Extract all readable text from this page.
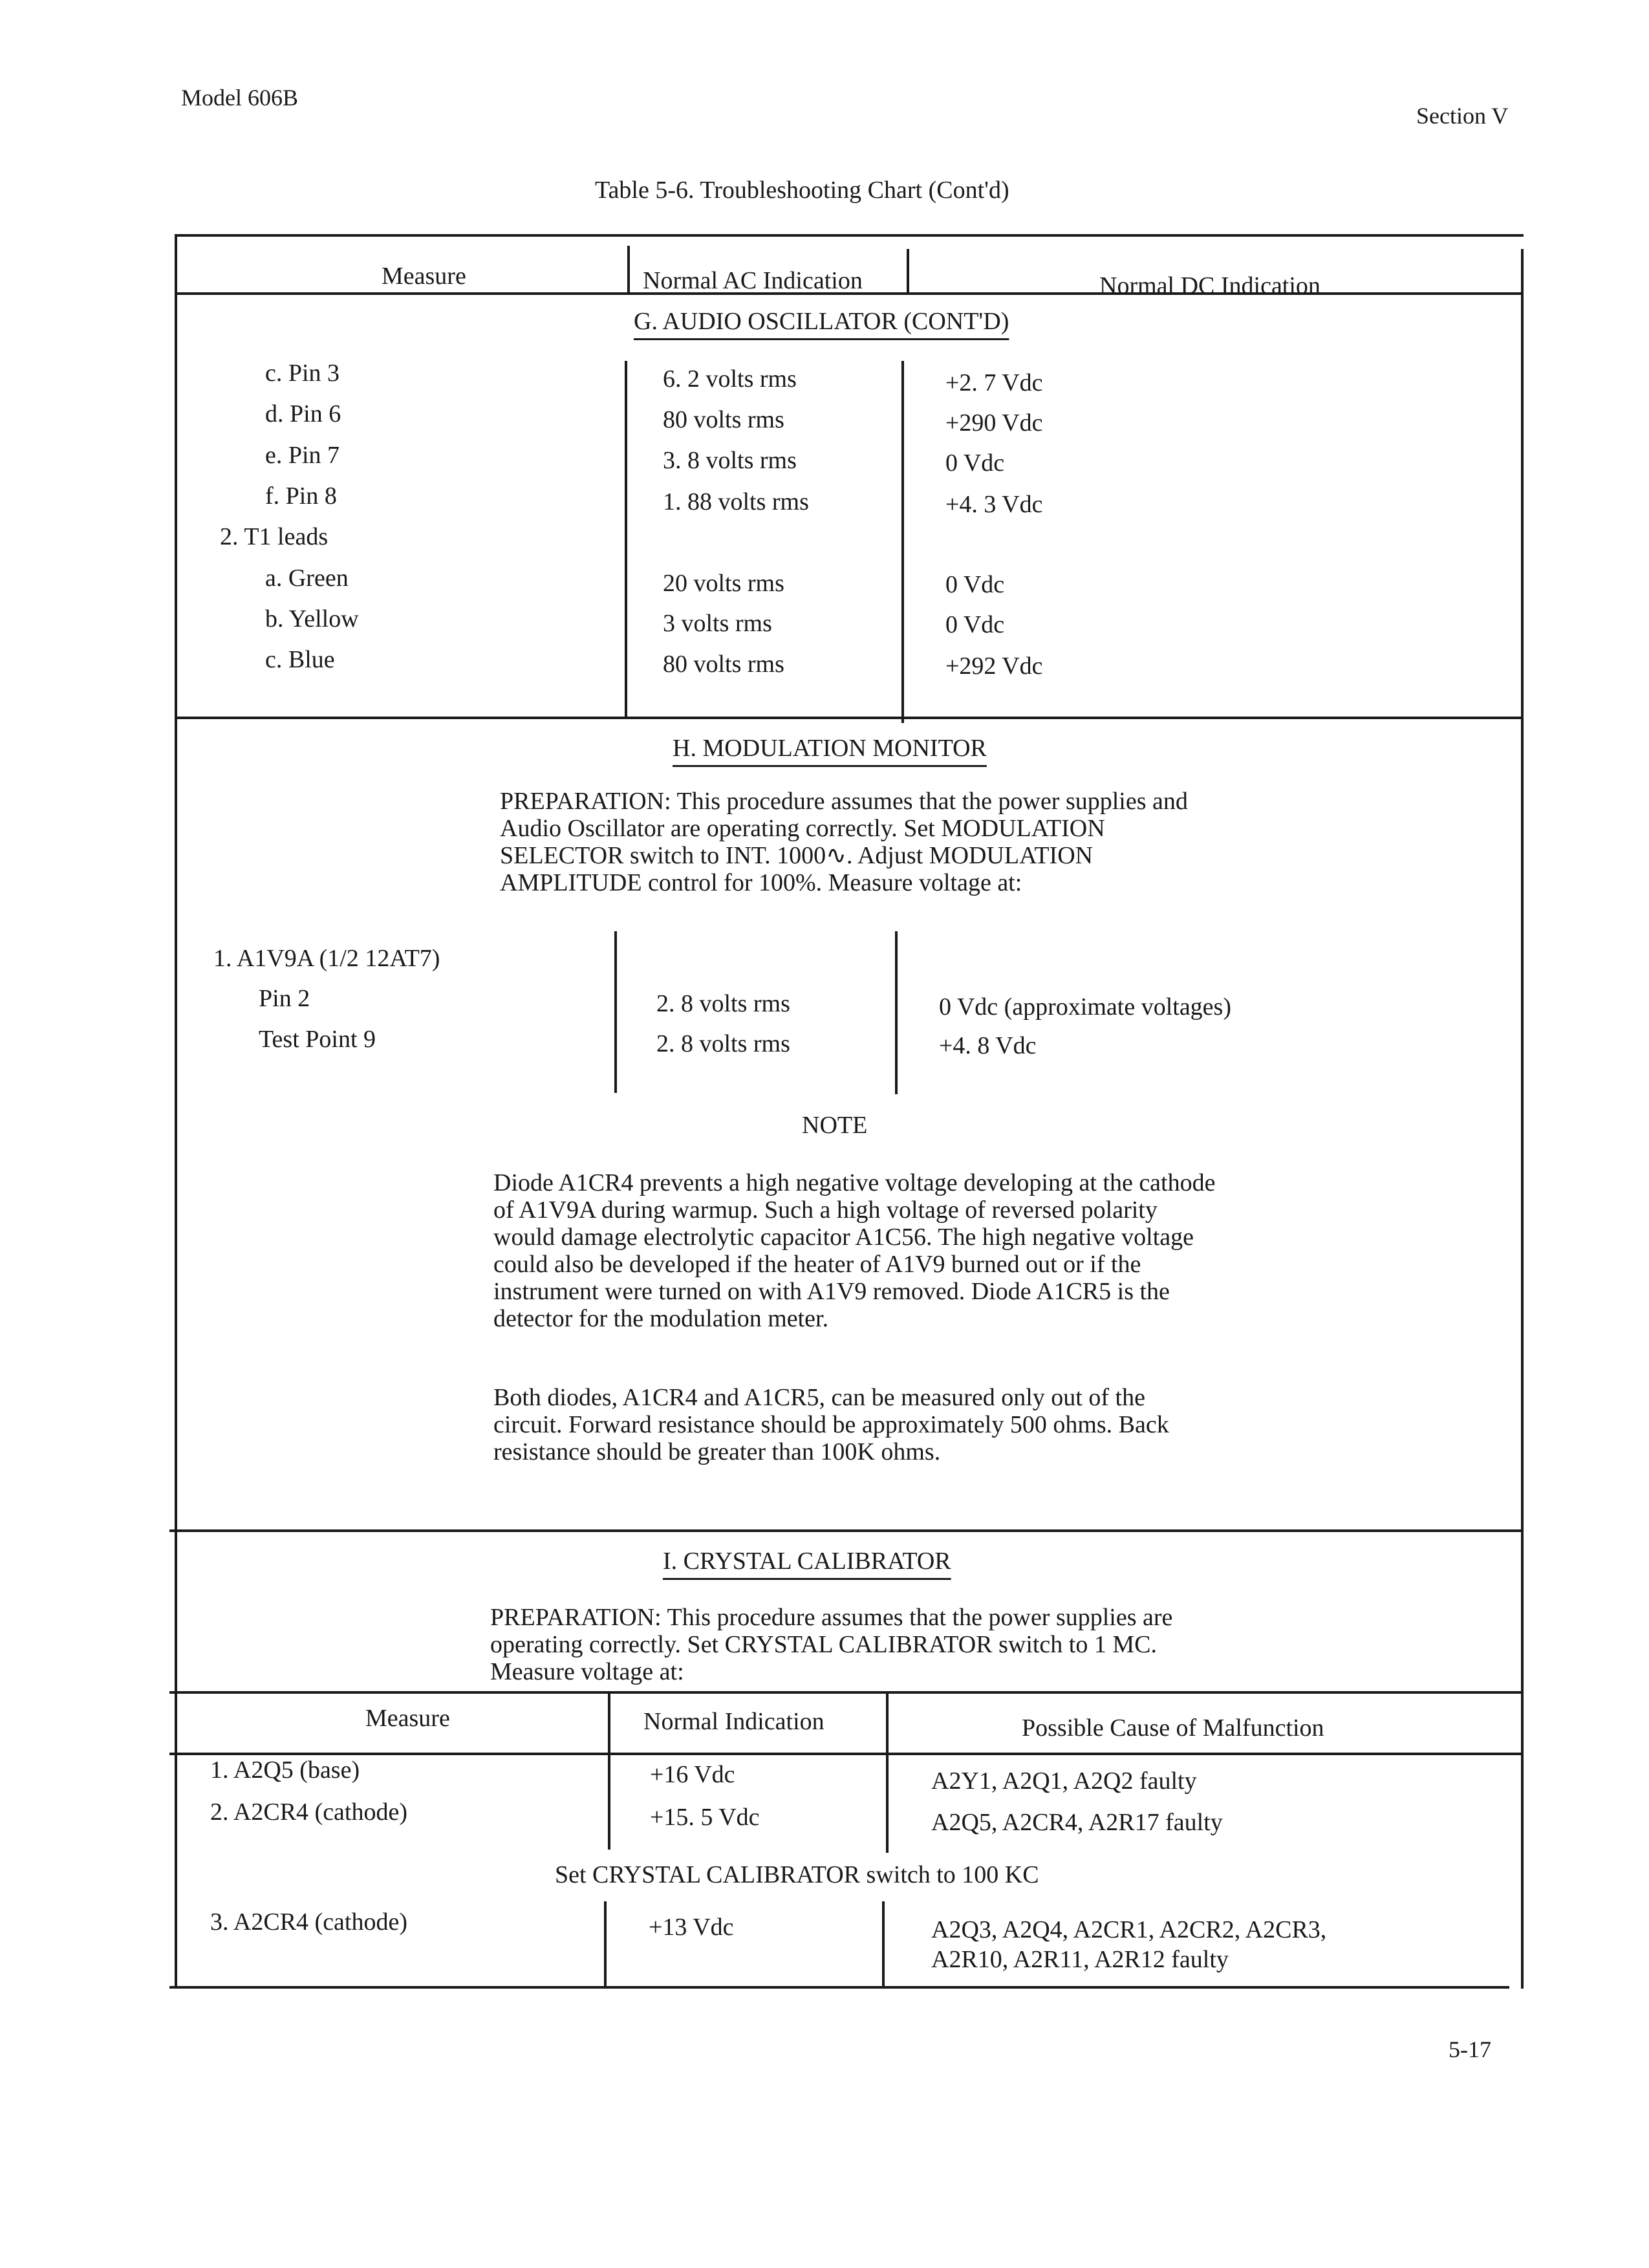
Model 606B
Section V
Table 5-6. Troubleshooting Chart (Cont'd)
Measure	Normal AC Indication	Normal DC Indication
G. AUDIO OSCILLATOR (CONT'D)
c. Pin 3	6. 2 volts rms	+2. 7 Vdc
d. Pin 6	80 volts rms	+290 Vdc
e. Pin 7	3. 8 volts rms	0 Vdc
f. Pin 8	1. 88 volts rms	+4. 3 Vdc
2. T1 leads
a. Green	20 volts rms	0 Vdc
b. Yellow	3 volts rms	0 Vdc
c. Blue	80 volts rms	+292 Vdc
H. MODULATION MONITOR
PREPARATION: This procedure assumes that the power supplies and Audio Oscillator are operating correctly. Set MODULATION SELECTOR switch to INT. 1000∿. Adjust MODULATION AMPLITUDE control for 100%. Measure voltage at:
1. A1V9A (1/2 12AT7)
Pin 2	2. 8 volts rms	0 Vdc (approximate voltages)
Test Point 9	2. 8 volts rms	+4. 8 Vdc
NOTE
Diode A1CR4 prevents a high negative voltage developing at the cathode of A1V9A during warmup. Such a high voltage of reversed polarity would damage electrolytic capacitor A1C56. The high negative voltage could also be developed if the heater of A1V9 burned out or if the instrument were turned on with A1V9 removed. Diode A1CR5 is the detector for the modulation meter.
Both diodes, A1CR4 and A1CR5, can be measured only out of the circuit. Forward resistance should be approximately 500 ohms. Back resistance should be greater than 100K ohms.
I. CRYSTAL CALIBRATOR
PREPARATION: This procedure assumes that the power supplies are operating correctly. Set CRYSTAL CALIBRATOR switch to 1 MC. Measure voltage at:
Measure	Normal Indication	Possible Cause of Malfunction
1. A2Q5 (base)	+16 Vdc	A2Y1, A2Q1, A2Q2 faulty
2. A2CR4 (cathode)	+15. 5 Vdc	A2Q5, A2CR4, A2R17 faulty
Set CRYSTAL CALIBRATOR switch to 100 KC
3. A2CR4 (cathode)	+13 Vdc	A2Q3, A2Q4, A2CR1, A2CR2, A2CR3,
A2R10, A2R11, A2R12 faulty
5-17
